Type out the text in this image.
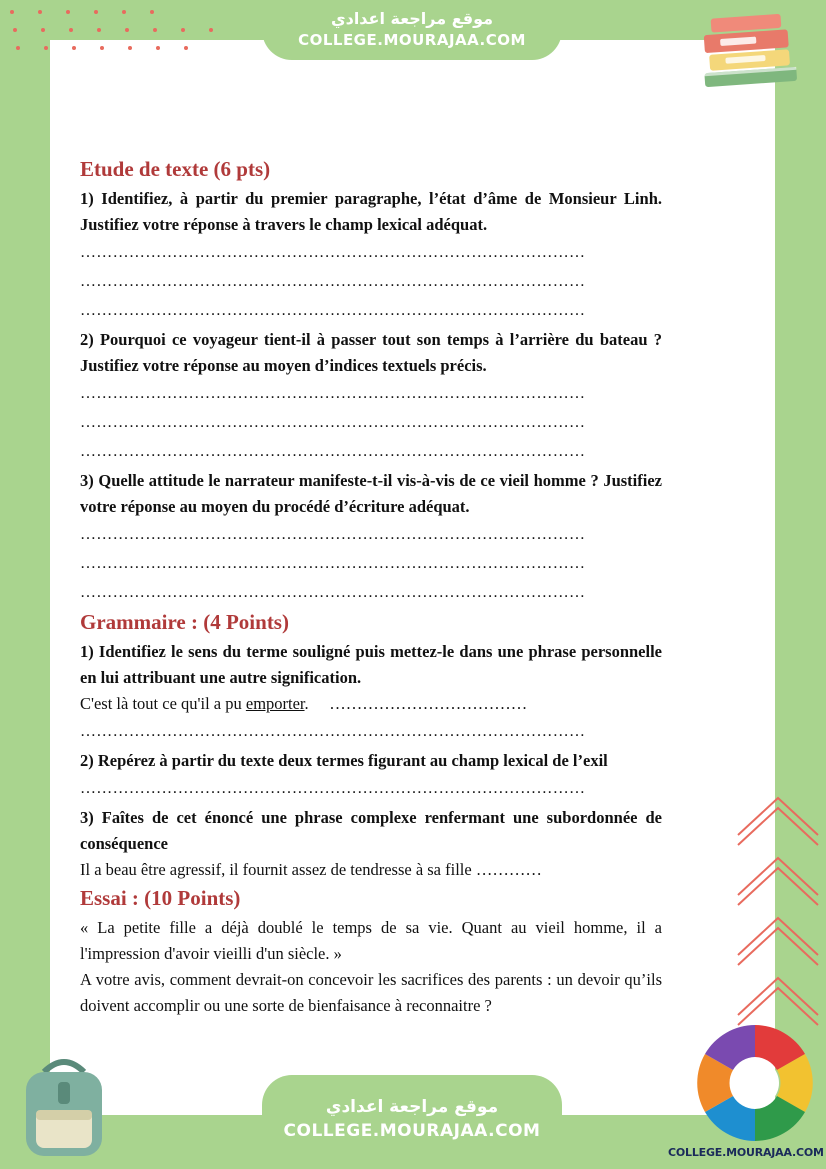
موقع مراجعة اعدادي
COLLEGE.MOURAJAA.COM
Etude de texte (6 pts)
1) Identifiez, à partir du premier paragraphe, l’état d’âme de Monsieur Linh. Justifiez votre réponse à travers le champ lexical adéquat.
…………………………………………………………………………………
…………………………………………………………………………………
…………………………………………………………………………………
2) Pourquoi ce voyageur tient-il à passer tout son temps à l’arrière du bateau ? Justifiez votre réponse au moyen d’indices textuels précis.
…………………………………………………………………………………
…………………………………………………………………………………
…………………………………………………………………………………
3) Quelle attitude le narrateur manifeste-t-il vis-à-vis de ce vieil homme ? Justifiez votre réponse au moyen du procédé d’écriture adéquat.
…………………………………………………………………………………
…………………………………………………………………………………
…………………………………………………………………………………
Grammaire : (4 Points)
1) Identifiez le sens du terme souligné puis mettez-le dans une phrase personnelle en lui attribuant une autre signification.
C'est là tout ce qu'il a pu emporter. ………………………………
…………………………………………………………………………………
2) Repérez à partir du texte deux termes figurant au champ lexical de l’exil
…………………………………………………………………………………
3) Faîtes de cet énoncé une phrase complexe renfermant une subordonnée de conséquence
Il a beau être agressif, il fournit assez de tendresse à sa fille …………
Essai : (10 Points)
« La petite fille a déjà doublé le temps de sa vie. Quant au vieil homme, il a l'impression d'avoir vieilli d'un siècle. »
A votre avis, comment devrait-on concevoir les sacrifices des parents : un devoir qu’ils doivent accomplir ou une sorte de bienfaisance à reconnaitre ?
موقع مراجعة اعدادي
COLLEGE.MOURAJAA.COM
COLLEGE.MOURAJAA.COM
